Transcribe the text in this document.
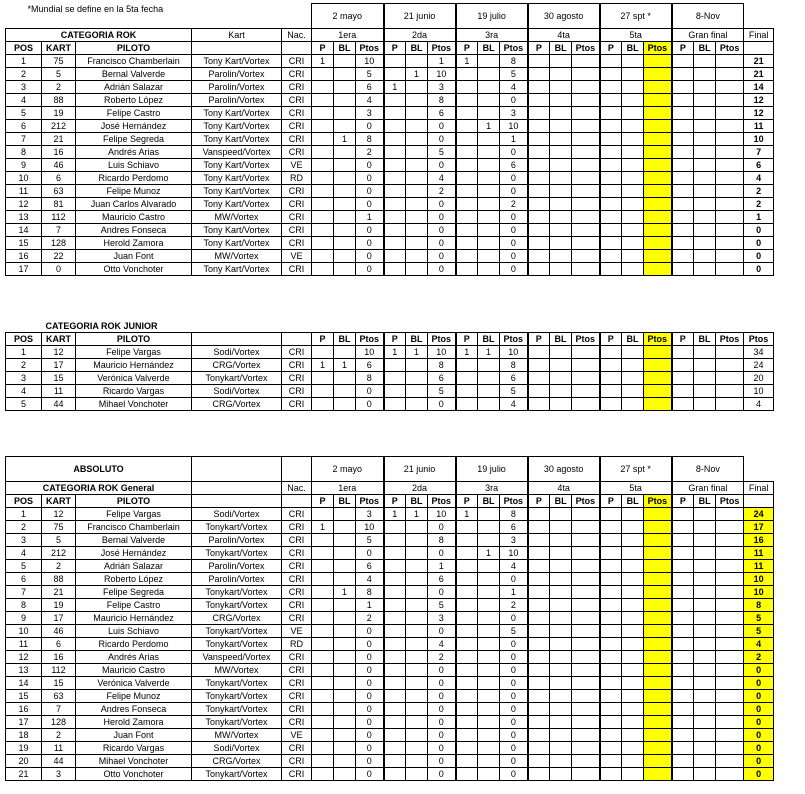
*Mundial se define en la 5ta fecha					2 mayo			21 junio			19 julio			30 agosto			27 spt *			8-Nov			
CATEGORIA ROK			Kart	Nac.	1era			2da			3ra			4ta			5ta			Gran final			Final
POS	KART	PILOTO			P	BL	Ptos	P	BL	Ptos	P	BL	Ptos	P	BL	Ptos	P	BL	Ptos	P	BL	Ptos	
1	75	Francisco Chamberlain	Tony Kart/Vortex	CRI	1		10			1	1		8										21
2	5	Bernal Valverde	Parolin/Vortex	CRI			5		1	10			5										21
3	2	Adrián Salazar	Parolin/Vortex	CRI			6	1		3			4										14
4	88	Roberto López	Parolin/Vortex	CRI			4			8			0										12
5	19	Felipe Castro	Tony Kart/Vortex	CRI			3			6			3										12
6	212	José Hernández	Tony Kart/Vortex	CRI			0			0		1	10										11
7	21	Felipe Segreda	Tony Kart/Vortex	CRI		1	8			0			1										10
8	16	Andrés Arias	Vanspeed/Vortex	CRI			2			5			0										7
9	46	Luis Schiavo	Tony Kart/Vortex	VE			0			0			6										6
10	6	Ricardo Perdomo	Tony Kart/Vortex	RD			0			4			0										4
11	63	Felipe Munoz	Tony Kart/Vortex	CRI			0			2			0										2
12	81	Juan Carlos Alvarado	Tony Kart/Vortex	CRI			0			0			2										2
13	112	Mauricio Castro	MW/Vortex	CRI			1			0			0										1
14	7	Andres Fonseca	Tony Kart/Vortex	CRI			0			0			0										0
15	128	Herold Zamora	Tony Kart/Vortex	CRI			0			0			0										0
16	22	Juan Font	MW/Vortex	VE			0			0			0										0
17	0	Otto Vonchoter	Tony Kart/Vortex	CRI			0			0			0										0
CATEGORIA ROK JUNIOR																							
POS	KART	PILOTO			P	BL	Ptos	P	BL	Ptos	P	BL	Ptos	P	BL	Ptos	P	BL	Ptos	P	BL	Ptos	Ptos
1	12	Felipe Vargas	Sodi/Vortex	CRI			10	1	1	10	1	1	10										34
2	17	Mauricio Hernández	CRG/Vortex	CRI	1	1	6			8			8										24
3	15	Verónica Valverde	Tonykart/Vortex	CRI			8			6			6										20
4	11	Ricardo Vargas	Sodi/Vortex	CRI			0			5			5										10
5	44	Mihael Vonchoter	CRG/Vortex	CRI			0			0			4										4
ABSOLUTO					2 mayo			21 junio			19 julio			30 agosto			27 spt *			8-Nov			
CATEGORIA ROK General				Nac.	1era			2da			3ra			4ta			5ta			Gran final			Final
POS	KART	PILOTO			P	BL	Ptos	P	BL	Ptos	P	BL	Ptos	P	BL	Ptos	P	BL	Ptos	P	BL	Ptos	
1	12	Felipe Vargas	Sodi/Vortex	CRI			3	1	1	10	1		8										24
2	75	Francisco Chamberlain	Tonykart/Vortex	CRI	1		10			0			6										17
3	5	Bernal Valverde	Parolin/Vortex	CRI			5			8			3										16
4	212	José Hernández	Tonykart/Vortex	CRI			0			0		1	10										11
5	2	Adrián Salazar	Parolin/Vortex	CRI			6			1			4										11
6	88	Roberto López	Parolin/Vortex	CRI			4			6			0										10
7	21	Felipe Segreda	Tonykart/Vortex	CRI		1	8			0			1										10
8	19	Felipe Castro	Tonykart/Vortex	CRI			1			5			2										8
9	17	Mauricio Hernández	CRG/Vortex	CRI			2			3			0										5
10	46	Luis Schiavo	Tonykart/Vortex	VE			0			0			5										5
11	6	Ricardo Perdomo	Tonykart/Vortex	RD			0			4			0										4
12	16	Andrés Arias	Vanspeed/Vortex	CRI			0			2			0										2
13	112	Mauricio Castro	MW/Vortex	CRI			0			0			0										0
14	15	Verónica Valverde	Tonykart/Vortex	CRI			0			0			0										0
15	63	Felipe Munoz	Tonykart/Vortex	CRI			0			0			0										0
16	7	Andres Fonseca	Tonykart/Vortex	CRI			0			0			0										0
17	128	Herold Zamora	Tonykart/Vortex	CRI			0			0			0										0
18	2	Juan Font	MW/Vortex	VE			0			0			0										0
19	11	Ricardo Vargas	Sodi/Vortex	CRI			0			0			0										0
20	44	Mihael Vonchoter	CRG/Vortex	CRI			0			0			0										0
21	3	Otto Vonchoter	Tonykart/Vortex	CRI			0			0			0										0
